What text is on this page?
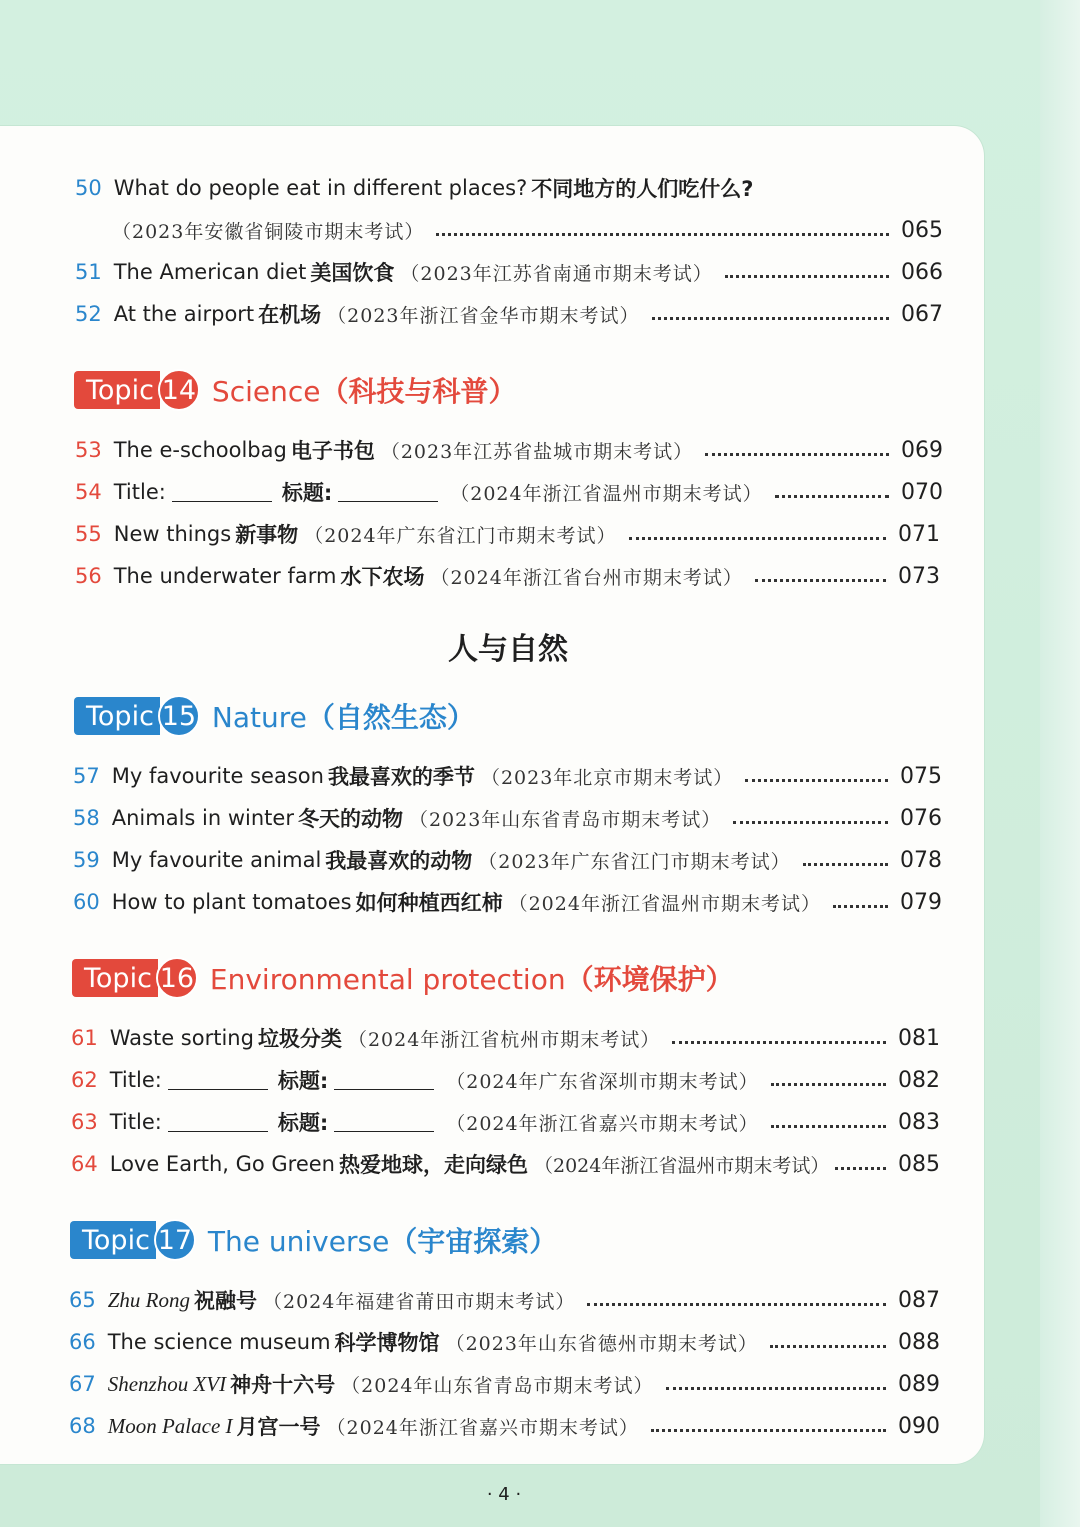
50 What do people eat in different places? 不同地方的人们吃什么?
（2023年安徽省铜陵市期末考试）	065
51 The American diet 美国饮食 （2023年江苏省南通市期末考试）	066
52 At the airport 在机场 （2023年浙江省金华市期末考试）	067
Topic 14 Science（科技与科普）
53 The e-schoolbag 电子书包 （2023年江苏省盐城市期末考试）	069
54 Title:	标题:	（2024年浙江省温州市期末考试）	070
55 New things 新事物 （2024年广东省江门市期末考试）	071
56 The underwater farm 水下农场 （2024年浙江省台州市期末考试）	073
人与自然
Topic 15 Nature（自然生态）
57 My favourite season 我最喜欢的季节 （2023年北京市期末考试）	075
58 Animals in winter 冬天的动物 （2023年山东省青岛市期末考试）	076
59 My favourite animal 我最喜欢的动物 （2023年广东省江门市期末考试）	078
60 How to plant tomatoes 如何种植西红柿 （2024年浙江省温州市期末考试）	079
Topic 16 Environmental protection（环境保护）
61 Waste sorting 垃圾分类 （2024年浙江省杭州市期末考试）	081
62 Title:	标题:	（2024年广东省深圳市期末考试）	082
63 Title:	标题:	（2024年浙江省嘉兴市期末考试）	083
64 Love Earth, Go Green 热爱地球，走向绿色 （2024年浙江省温州市期末考试）	085
Topic 17 The universe（宇宙探索）
65 Zhu Rong 祝融号 （2024年福建省莆田市期末考试）	087
66 The science museum 科学博物馆 （2023年山东省德州市期末考试）	088
67 Shenzhou XVI 神舟十六号 （2024年山东省青岛市期末考试）	089
68 Moon Palace I 月宫一号 （2024年浙江省嘉兴市期末考试）	090
· 4 ·
